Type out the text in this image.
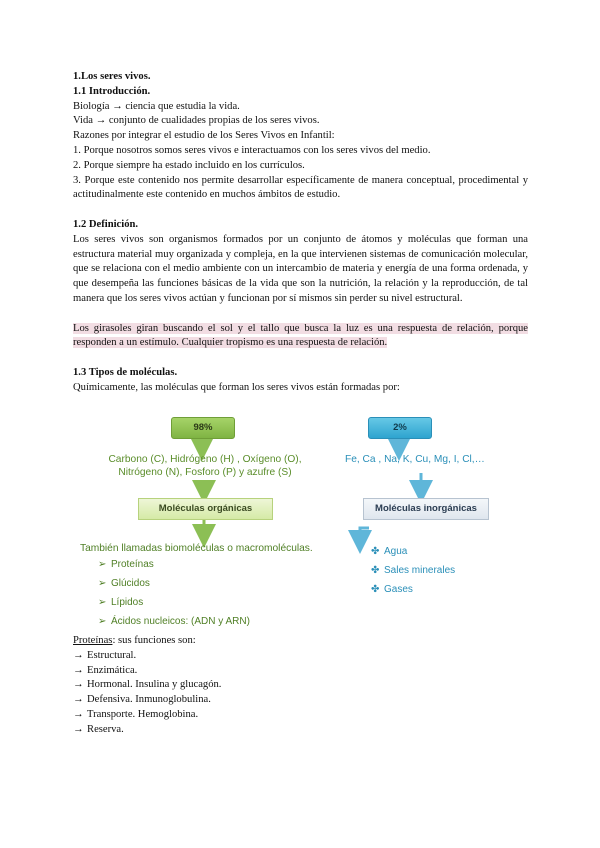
1.Los seres vivos.
1.1 Introducción.
Biología → ciencia que estudia la vida.
Vida → conjunto de cualidades propias de los seres vivos.
Razones por integrar el estudio de los Seres Vivos en Infantil:
1. Porque nosotros somos seres vivos e interactuamos con los seres vivos del medio.
2. Porque siempre ha estado incluido en los currículos.
3. Porque este contenido nos permite desarrollar específicamente de manera conceptual, procedimental y actitudinalmente este contenido en muchos ámbitos de estudio.
1.2 Definición.
Los seres vivos son organismos formados por un conjunto de átomos y moléculas que forman una estructura material muy organizada y compleja, en la que intervienen sistemas de comunicación molecular, que se relaciona con el medio ambiente con un intercambio de materia y energía de una forma ordenada, y que desempeña las funciones básicas de la vida que son la nutrición, la relación y la reproducción, de tal manera que los seres vivos actúan y funcionan por sí mismos sin perder su nivel estructural.
Los girasoles giran buscando el sol y el tallo que busca la luz es una respuesta de relación, porque responden a un estímulo. Cualquier tropismo es una respuesta de relación.
1.3 Tipos de moléculas.
Químicamente, las moléculas que forman los seres vivos están formadas por:
98%	2%
Carbono (C), Hidrógeno (H) , Oxígeno (O),
Nitrógeno (N), Fosforo (P) y azufre (S)
Fe, Ca , Na, K, Cu, Mg, I, Cl,…
Moléculas orgánicas	Moléculas inorgánicas
También llamadas biomoléculas o macromoléculas.
➢ Proteínas
➢ Glúcidos
➢ Lípidos
➢ Ácidos nucleicos: (ADN y ARN)
✤ Agua
✤ Sales minerales
✤ Gases
Proteínas: sus funciones son:
→ Estructural.
→ Enzimática.
→ Hormonal. Insulina y glucagón.
→ Defensiva. Inmunoglobulina.
→ Transporte. Hemoglobina.
→ Reserva.
